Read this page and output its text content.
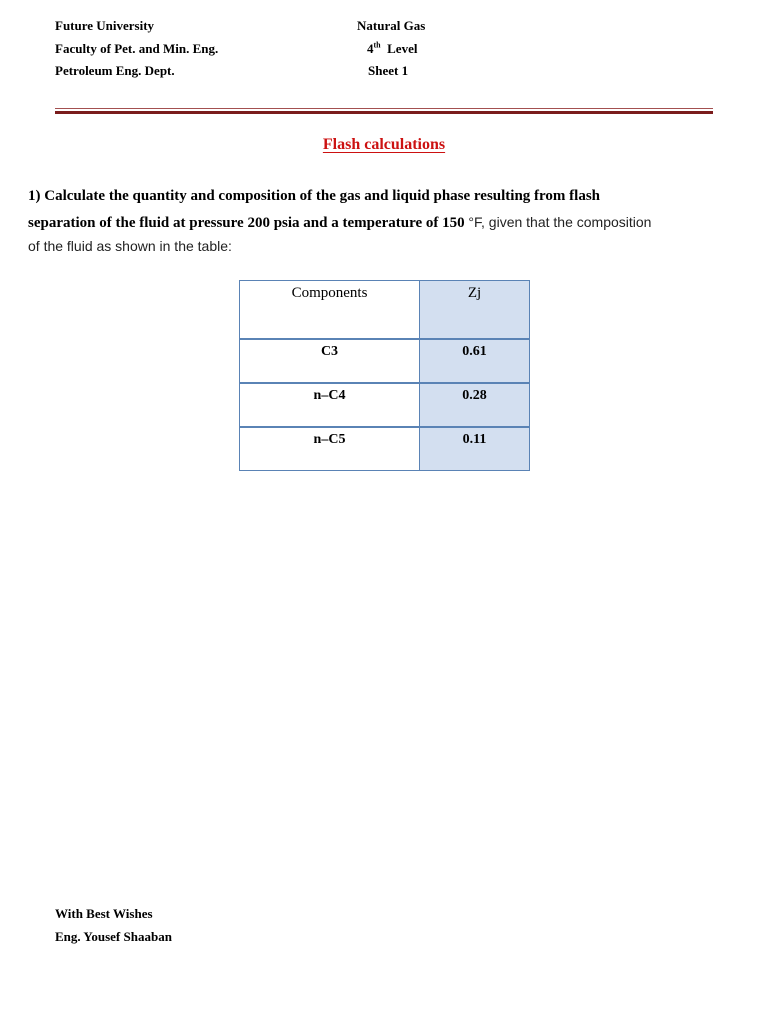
Future University
Faculty of Pet. and Min. Eng.
Petroleum Eng. Dept.
Natural Gas
4th Level
Sheet 1
Flash calculations
1) Calculate the quantity and composition of the gas and liquid phase resulting from flash
separation of the fluid at pressure 200 psia and a temperature of 150 °F, given that the composition
of the fluid as shown in the table:
Components	Zj
C3	0.61
n–C4	0.28
n–C5	0.11
With Best Wishes
Eng. Yousef Shaaban
